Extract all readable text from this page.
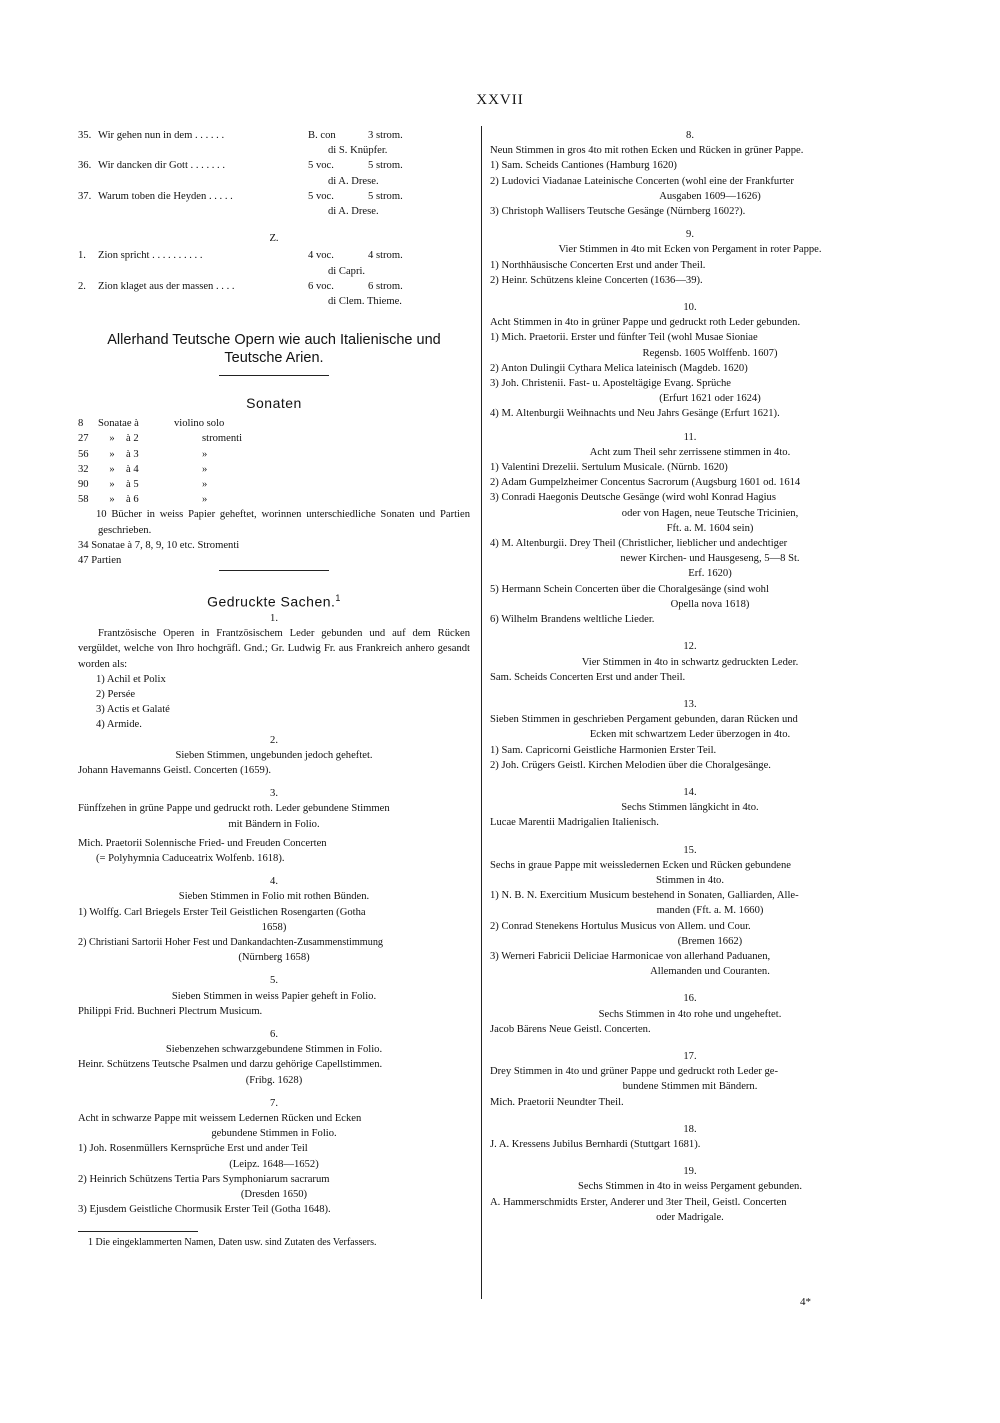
XXVII
35. Wir gehen nun in dem . . . . . .	B. con	3 strom.
di S. Knüpfer.
36. Wir dancken dir Gott . . . . . . .	5 voc.	5 strom.
di A. Drese.
37. Warum toben die Heyden . . . . .	5 voc.	5 strom.
di A. Drese.
Z.
1.	Zion spricht . . . . . . . . . .	4 voc.	4 strom.
di Capri.
2.	Zion klaget aus der massen . . . .	6 voc.	6 strom.
di Clem. Thieme.
Allerhand Teutsche Opern wie auch Italienische und Teutsche Arien.
Sonaten
8	Sonatae à	violino solo
27	»	à 2	stromenti
56	»	à 3	»
32	»	à 4	»
90	»	à 5	»
58	»	à 6	»
10 Bücher in weiss Papier geheftet, worinnen unterschiedliche Sonaten und Partien geschrieben.
34 Sonatae à 7, 8, 9, 10 etc. Stromenti
47 Partien
Gedruckte Sachen.$^1$
1.
Frantzösische Operen in Frantzösischem Leder gebunden und auf dem Rücken vergüldet, welche von Ihro hochgräfl. Gnd.; Gr. Ludwig Fr. aus Frankreich anhero gesandt worden als:
1) Achil et Polix
2) Persée
3) Actis et Galaté
4) Armide.
2.
Sieben Stimmen, ungebunden jedoch geheftet.
Johann Havemanns Geistl. Concerten (1659).
3.
Fünffzehen in grüne Pappe und gedruckt roth. Leder gebundene Stimmen
mit Bändern in Folio.
Mich. Praetorii Solennische Fried- und Freuden Concerten
(= Polyhymnia Caduceatrix Wolfenb. 1618).
4.
Sieben Stimmen in Folio mit rothen Bünden.
1) Wolffg. Carl Briegels Erster Teil Geistlichen Rosengarten (Gotha
1658)
2) Christiani Sartorii Hoher Fest und Dankandachten-Zusammenstimmung
(Nürnberg 1658)
5.
Sieben Stimmen in weiss Papier geheft in Folio.
Philippi Frid. Buchneri Plectrum Musicum.
6.
Siebenzehen schwarzgebundene Stimmen in Folio.
Heinr. Schützens Teutsche Psalmen und darzu gehörige Capellstimmen.
(Fribg. 1628)
7.
Acht in schwarze Pappe mit weissem Ledernen Rücken und Ecken
gebundene Stimmen in Folio.
1) Joh. Rosenmüllers Kernsprüche Erst und ander Teil
(Leipz. 1648—1652)
2) Heinrich Schützens Tertia Pars Symphoniarum sacrarum
(Dresden 1650)
3) Ejusdem Geistliche Chormusik Erster Teil (Gotha 1648).
1 Die eingeklammerten Namen, Daten usw. sind Zutaten des Verfassers.
8.
Neun Stimmen in gros 4to mit rothen Ecken und Rücken in grüner Pappe.
1) Sam. Scheids Cantiones (Hamburg 1620)
2) Ludovici Viadanae Lateinische Concerten (wohl eine der Frankfurter
Ausgaben 1609—1626)
3) Christoph Wallisers Teutsche Gesänge (Nürnberg 1602?).
9.
Vier Stimmen in 4to mit Ecken von Pergament in roter Pappe.
1) Northhäusische Concerten Erst und ander Theil.
2) Heinr. Schützens kleine Concerten (1636—39).
10.
Acht Stimmen in 4to in grüner Pappe und gedruckt roth Leder gebunden.
1) Mich. Praetorii. Erster und fünfter Teil (wohl Musae Sioniae
Regensb. 1605 Wolffenb. 1607)
2) Anton Dulingii Cythara Melica lateinisch (Magdeb. 1620)
3) Joh. Christenii. Fast- u. Aposteltägige Evang. Sprüche
(Erfurt 1621 oder 1624)
4) M. Altenburgii Weihnachts und Neu Jahrs Gesänge (Erfurt 1621).
11.
Acht zum Theil sehr zerrissene stimmen in 4to.
1) Valentini Drezelii. Sertulum Musicale. (Nürnb. 1620)
2) Adam Gumpelzheimer Concentus Sacrorum (Augsburg 1601 od. 1614
3) Conradi Haegonis Deutsche Gesänge (wird wohl Konrad Hagius
oder von Hagen, neue Teutsche Tricinien,
Fft. a. M. 1604 sein)
4) M. Altenburgii. Drey Theil (Christlicher, lieblicher und andechtiger
newer Kirchen- und Hausgeseng, 5—8 St.
Erf. 1620)
5) Hermann Schein Concerten über die Choralgesänge (sind wohl
Opella nova 1618)
6) Wilhelm Brandens weltliche Lieder.
12.
Vier Stimmen in 4to in schwartz gedruckten Leder.
Sam. Scheids Concerten Erst und ander Theil.
13.
Sieben Stimmen in geschrieben Pergament gebunden, daran Rücken und
Ecken mit schwartzem Leder überzogen in 4to.
1) Sam. Capricorni Geistliche Harmonien Erster Teil.
2) Joh. Crügers Geistl. Kirchen Melodien über die Choralgesänge.
14.
Sechs Stimmen längkicht in 4to.
Lucae Marentii Madrigalien Italienisch.
15.
Sechs in graue Pappe mit weissledernen Ecken und Rücken gebundene
Stimmen in 4to.
1) N. B. N. Exercitium Musicum bestehend in Sonaten, Galliarden, Alle-
manden (Fft. a. M. 1660)
2) Conrad Stenekens Hortulus Musicus von Allem. und Cour.
(Bremen 1662)
3) Werneri Fabricii Deliciae Harmonicae von allerhand Paduanen,
Allemanden und Couranten.
16.
Sechs Stimmen in 4to rohe und ungeheftet.
Jacob Bärens Neue Geistl. Concerten.
17.
Drey Stimmen in 4to und grüner Pappe und gedruckt roth Leder ge-
bundene Stimmen mit Bändern.
Mich. Praetorii Neundter Theil.
18.
J. A. Kressens Jubilus Bernhardi (Stuttgart 1681).
19.
Sechs Stimmen in 4to in weiss Pergament gebunden.
A. Hammerschmidts Erster, Anderer und 3ter Theil, Geistl. Concerten
oder Madrigale.
4*
